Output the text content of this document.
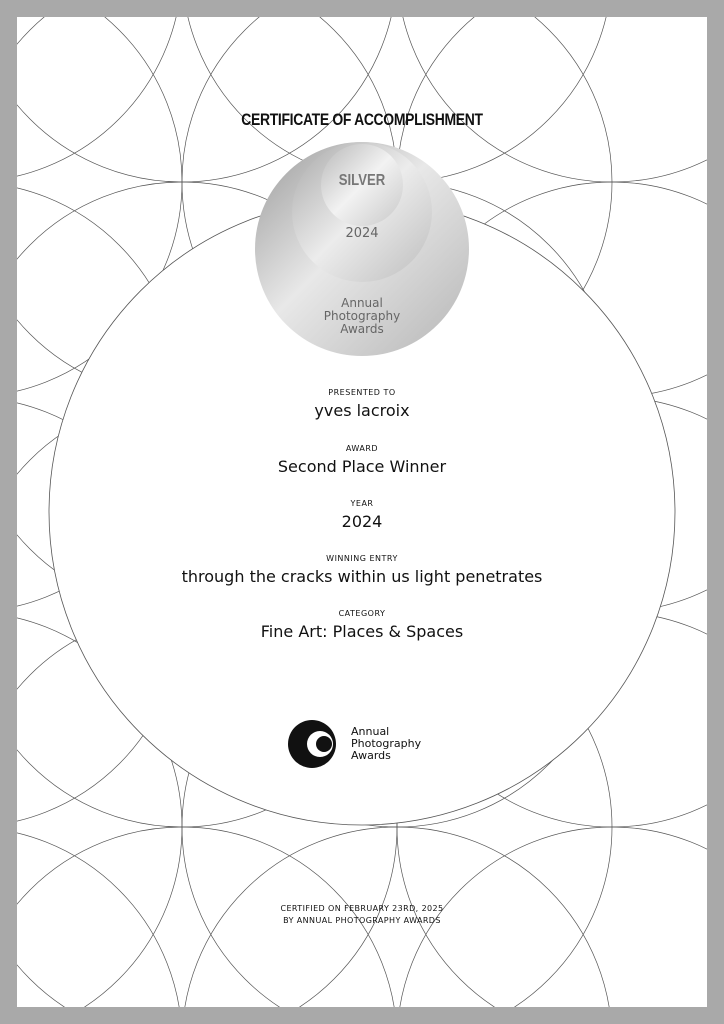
CERTIFICATE OF ACCOMPLISHMENT
SILVER
2024
Annual
Photography
Awards
PRESENTED TO
yves lacroix
AWARD
Second Place Winner
YEAR
2024
WINNING ENTRY
through the cracks within us light penetrates
CATEGORY
Fine Art: Places & Spaces
Annual
Photography
Awards
CERTIFIED ON FEBRUARY 23RD, 2025
BY ANNUAL PHOTOGRAPHY AWARDS
